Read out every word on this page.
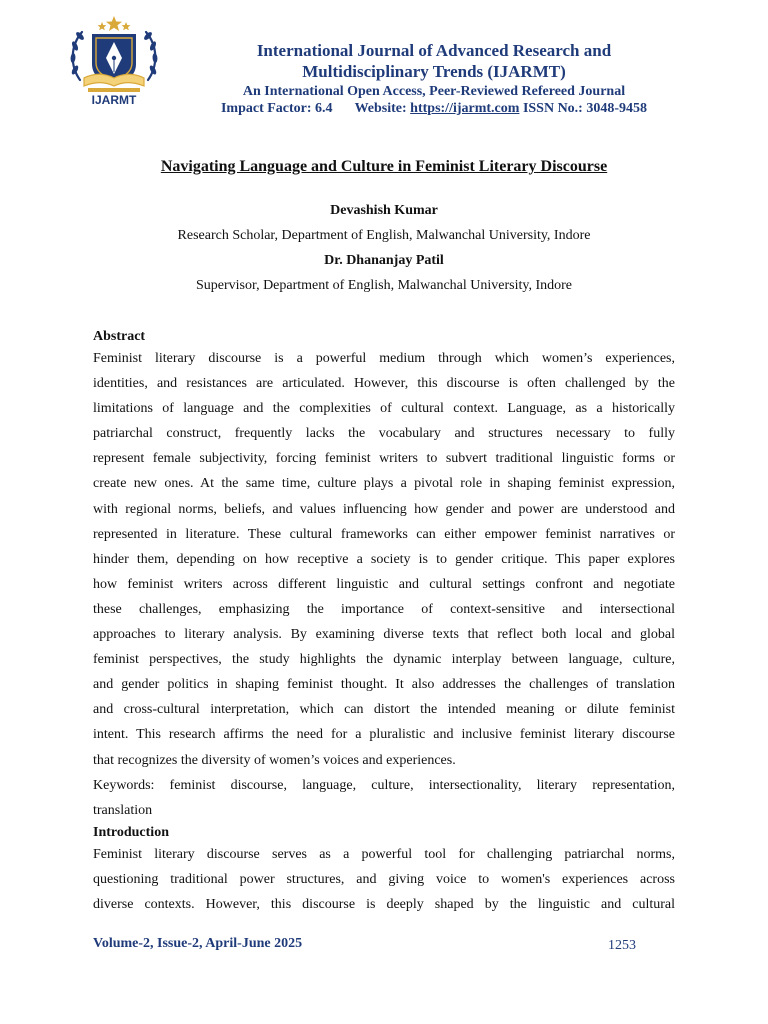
IJARMT
International Journal of Advanced Research and
Multidisciplinary Trends (IJARMT)
An International Open Access, Peer-Reviewed Refereed Journal
Impact Factor: 6.4 Website: https://ijarmt.com ISSN No.: 3048-9458
Navigating Language and Culture in Feminist Literary Discourse
Devashish Kumar
Research Scholar, Department of English, Malwanchal University, Indore
Dr. Dhananjay Patil
Supervisor, Department of English, Malwanchal University, Indore
Abstract
Feminist literary discourse is a powerful medium through which women’s experiences,
identities, and resistances are articulated. However, this discourse is often challenged by the
limitations of language and the complexities of cultural context. Language, as a historically
patriarchal construct, frequently lacks the vocabulary and structures necessary to fully
represent female subjectivity, forcing feminist writers to subvert traditional linguistic forms or
create new ones. At the same time, culture plays a pivotal role in shaping feminist expression,
with regional norms, beliefs, and values influencing how gender and power are understood and
represented in literature. These cultural frameworks can either empower feminist narratives or
hinder them, depending on how receptive a society is to gender critique. This paper explores
how feminist writers across different linguistic and cultural settings confront and negotiate
these challenges, emphasizing the importance of context-sensitive and intersectional
approaches to literary analysis. By examining diverse texts that reflect both local and global
feminist perspectives, the study highlights the dynamic interplay between language, culture,
and gender politics in shaping feminist thought. It also addresses the challenges of translation
and cross-cultural interpretation, which can distort the intended meaning or dilute feminist
intent. This research affirms the need for a pluralistic and inclusive feminist literary discourse
that recognizes the diversity of women’s voices and experiences.
Keywords: feminist discourse, language, culture, intersectionality, literary representation,
translation
Introduction
Feminist literary discourse serves as a powerful tool for challenging patriarchal norms,
questioning traditional power structures, and giving voice to women's experiences across
diverse contexts. However, this discourse is deeply shaped by the linguistic and cultural
Volume-2, Issue-2, April-June 2025	1253
